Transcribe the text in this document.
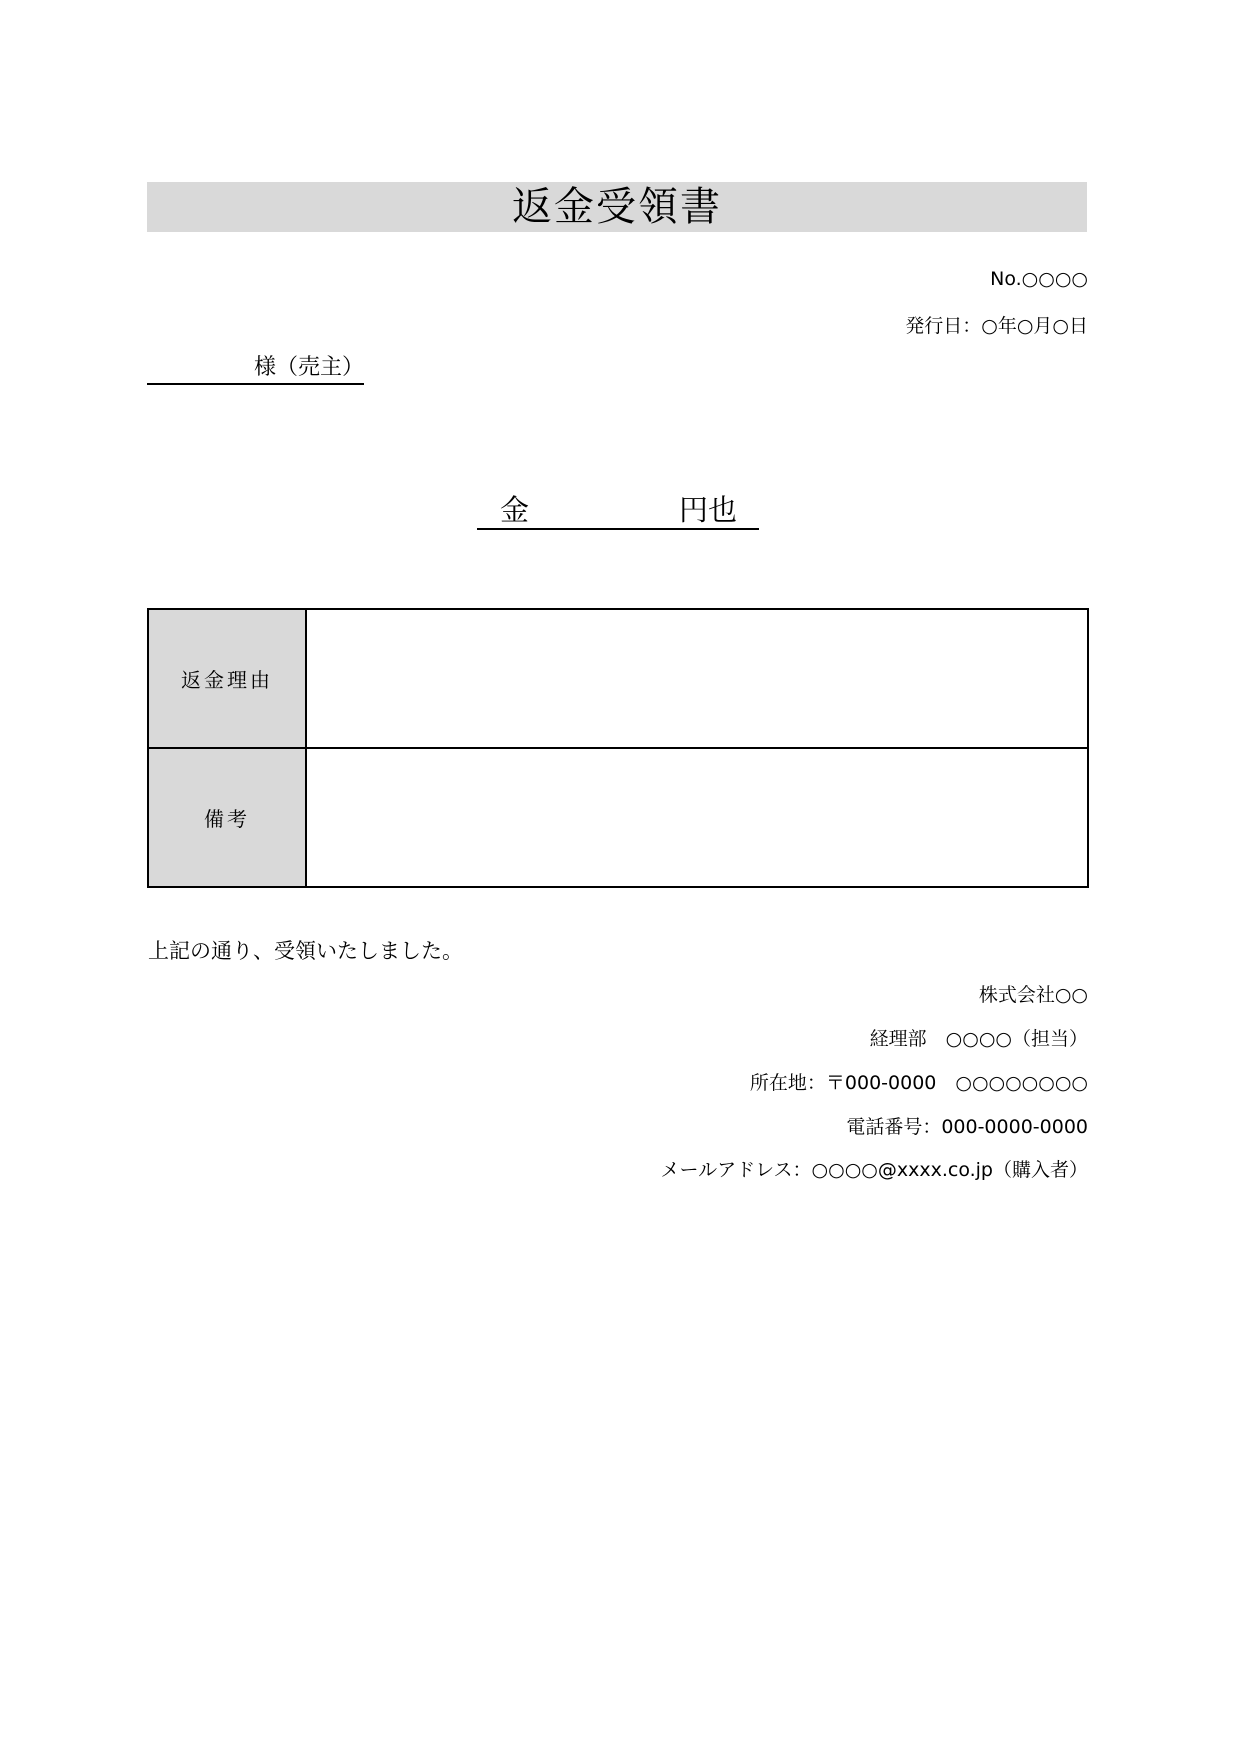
返金受領書
No.○○○○
発行日：○年○月○日
様（売主）
金	円也
返金理由	
備考	
上記の通り、受領いたしました。
株式会社○○
経理部　○○○○（担当）
所在地：〒000-0000　○○○○○○○○
電話番号：000-0000-0000
メールアドレス：○○○○@xxxx.co.jp（購入者）
